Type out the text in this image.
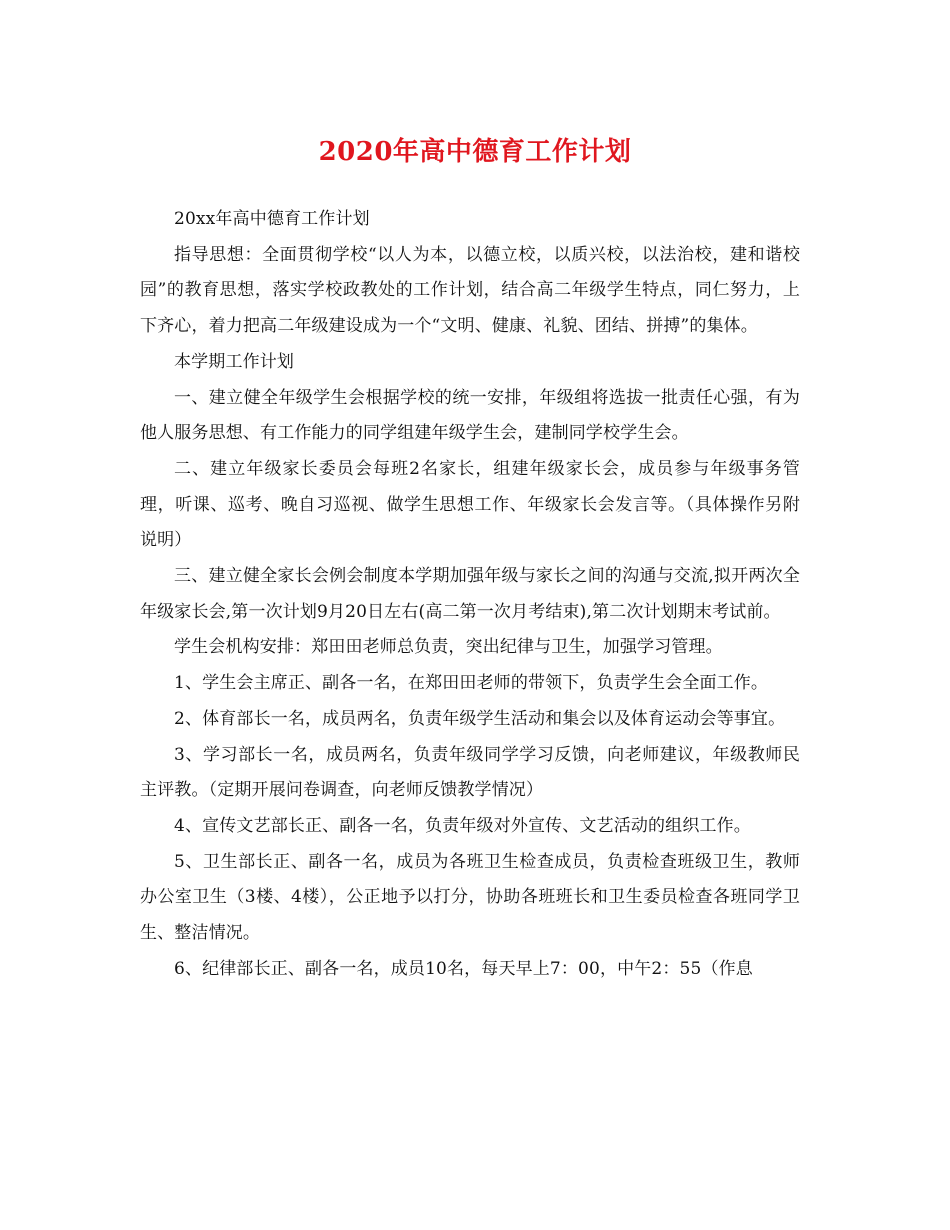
2020年高中德育工作计划

20xx年高中德育工作计划

指导思想：全面贯彻学校“以人为本，以德立校，以质兴校，以法治校，建和谐校园”的教育思想，落实学校政教处的工作计划，结合高二年级学生特点，同仁努力，上下齐心，着力把高二年级建设成为一个“文明、健康、礼貌、团结、拼搏”的集体。

本学期工作计划

一、建立健全年级学生会根据学校的统一安排，年级组将选拔一批责任心强，有为他人服务思想、有工作能力的同学组建年级学生会，建制同学校学生会。

二、建立年级家长委员会每班2名家长，组建年级家长会，成员参与年级事务管理，听课、巡考、晚自习巡视、做学生思想工作、年级家长会发言等。（具体操作另附说明）

三、建立健全家长会例会制度本学期加强年级与家长之间的沟通与交流,拟开两次全年级家长会,第一次计划9月20日左右(高二第一次月考结束),第二次计划期末考试前。

学生会机构安排：郑田田老师总负责，突出纪律与卫生，加强学习管理。

1、学生会主席正、副各一名，在郑田田老师的带领下，负责学生会全面工作。

2、体育部长一名，成员两名，负责年级学生活动和集会以及体育运动会等事宜。

3、学习部长一名，成员两名，负责年级同学学习反馈，向老师建议，年级教师民主评教。（定期开展问卷调查，向老师反馈教学情况）

4、宣传文艺部长正、副各一名，负责年级对外宣传、文艺活动的组织工作。

5、卫生部长正、副各一名，成员为各班卫生检查成员，负责检查班级卫生，教师办公室卫生（3楼、4楼），公正地予以打分，协助各班班长和卫生委员检查各班同学卫生、整洁情况。

6、纪律部长正、副各一名，成员10名，每天早上7：00，中午2：55（作息
